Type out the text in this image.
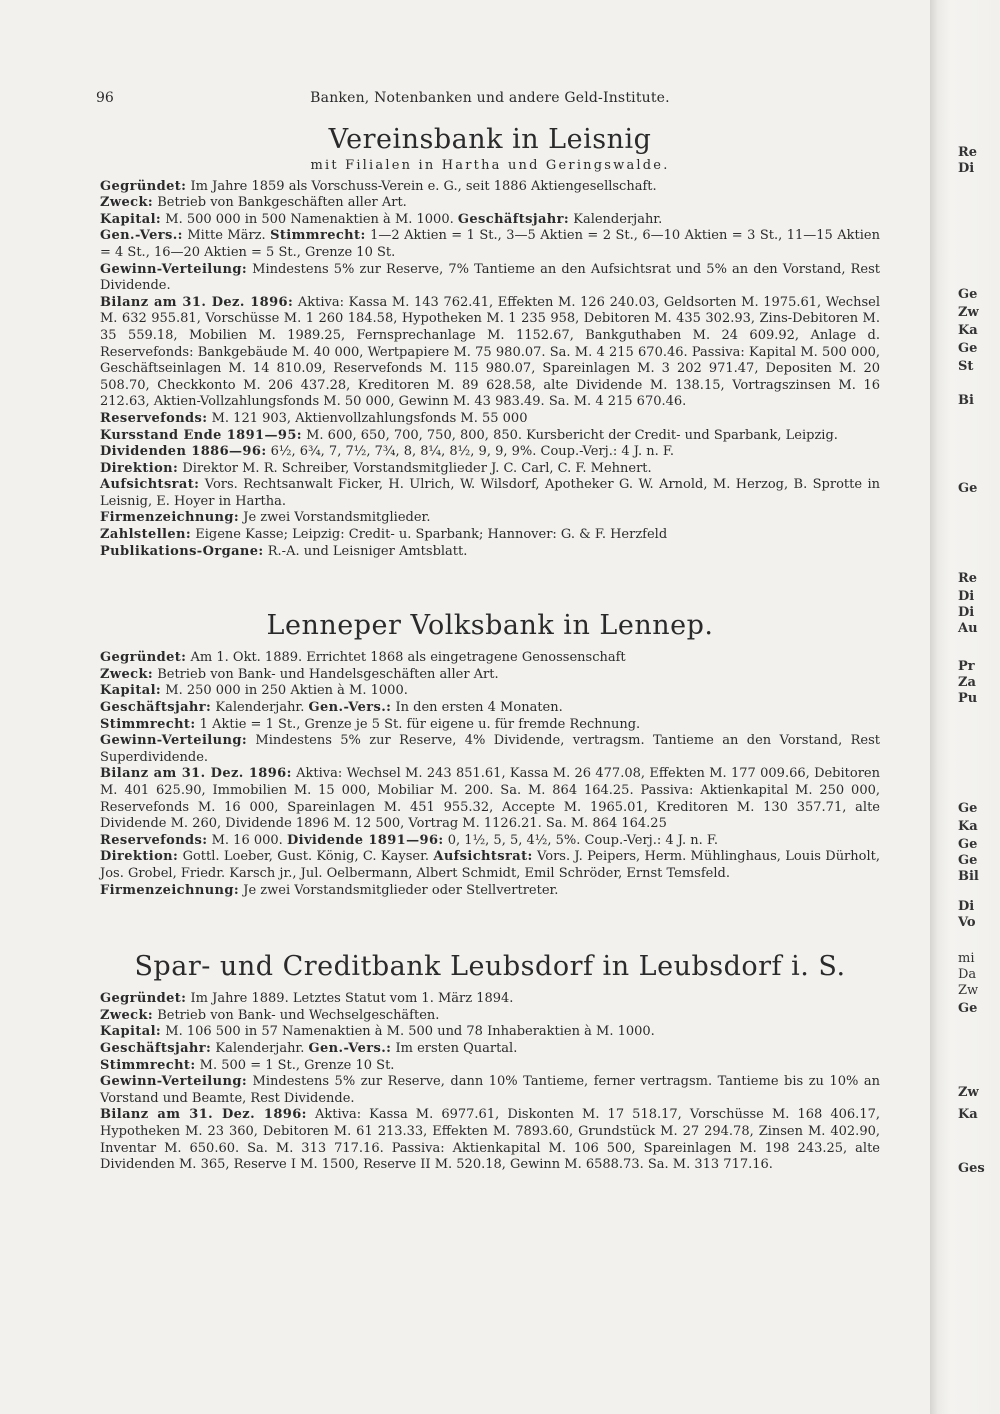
Re
Di
Ge
Zw
Ka
Ge
St
Bi
Ge
Re
Di
Di
Au
Pr
Za
Pu
Ge
Ka
Ge
Ge
Bil
Di
Vo
mi
Da
Zw
Ge
Zw
Ka
Ges
96	Banken, Notenbanken und andere Geld-Institute.
Vereinsbank in Leisnig
mit Filialen in Hartha und Geringswalde.

Gegründet: Im Jahre 1859 als Vorschuss-Verein e. G., seit 1886 Aktiengesellschaft.

Zweck: Betrieb von Bankgeschäften aller Art.

Kapital: M. 500 000 in 500 Namenaktien à M. 1000. Geschäftsjahr: Kalenderjahr.

Gen.-Vers.: Mitte März. Stimmrecht: 1—2 Aktien = 1 St., 3—5 Aktien = 2 St., 6—10 Aktien = 3 St., 11—15 Aktien = 4 St., 16—20 Aktien = 5 St., Grenze 10 St.

Gewinn-Verteilung: Mindestens 5% zur Reserve, 7% Tantieme an den Aufsichtsrat und 5% an den Vorstand, Rest Dividende.

Bilanz am 31. Dez. 1896: Aktiva: Kassa M. 143 762.41, Effekten M. 126 240.03, Geldsorten M. 1975.61, Wechsel M. 632 955.81, Vorschüsse M. 1 260 184.58, Hypotheken M. 1 235 958, Debitoren M. 435 302.93, Zins-Debitoren M. 35 559.18, Mobilien M. 1989.25, Fernsprechanlage M. 1152.67, Bankguthaben M. 24 609.92, Anlage d. Reservefonds: Bankgebäude M. 40 000, Wertpapiere M. 75 980.07. Sa. M. 4 215 670.46. Passiva: Kapital M. 500 000, Geschäftseinlagen M. 14 810.09, Reservefonds M. 115 980.07, Spareinlagen M. 3 202 971.47, Depositen M. 20 508.70, Checkkonto M. 206 437.28, Kreditoren M. 89 628.58, alte Dividende M. 138.15, Vortragszinsen M. 16 212.63, Aktien-Vollzahlungsfonds M. 50 000, Gewinn M. 43 983.49. Sa. M. 4 215 670.46.

Reservefonds: M. 121 903, Aktienvollzahlungsfonds M. 55 000

Kursstand Ende 1891—95: M. 600, 650, 700, 750, 800, 850. Kursbericht der Credit- und Sparbank, Leipzig.

Dividenden 1886—96: 6½, 6¾, 7, 7½, 7¾, 8, 8¼, 8½, 9, 9, 9%. Coup.-Verj.: 4 J. n. F.

Direktion: Direktor M. R. Schreiber, Vorstandsmitglieder J. C. Carl, C. F. Mehnert.

Aufsichtsrat: Vors. Rechtsanwalt Ficker, H. Ulrich, W. Wilsdorf, Apotheker G. W. Arnold, M. Herzog, B. Sprotte in Leisnig, E. Hoyer in Hartha.

Firmenzeichnung: Je zwei Vorstandsmitglieder.

Zahlstellen: Eigene Kasse; Leipzig: Credit- u. Sparbank; Hannover: G. & F. Herzfeld

Publikations-Organe: R.-A. und Leisniger Amtsblatt.

Lenneper Volksbank in Lennep.

Gegründet: Am 1. Okt. 1889. Errichtet 1868 als eingetragene Genossenschaft

Zweck: Betrieb von Bank- und Handelsgeschäften aller Art.

Kapital: M. 250 000 in 250 Aktien à M. 1000.

Geschäftsjahr: Kalenderjahr. Gen.-Vers.: In den ersten 4 Monaten.

Stimmrecht: 1 Aktie = 1 St., Grenze je 5 St. für eigene u. für fremde Rechnung.

Gewinn-Verteilung: Mindestens 5% zur Reserve, 4% Dividende, vertragsm. Tantieme an den Vorstand, Rest Superdividende.

Bilanz am 31. Dez. 1896: Aktiva: Wechsel M. 243 851.61, Kassa M. 26 477.08, Effekten M. 177 009.66, Debitoren M. 401 625.90, Immobilien M. 15 000, Mobiliar M. 200. Sa. M. 864 164.25. Passiva: Aktienkapital M. 250 000, Reservefonds M. 16 000, Spareinlagen M. 451 955.32, Accepte M. 1965.01, Kreditoren M. 130 357.71, alte Dividende M. 260, Dividende 1896 M. 12 500, Vortrag M. 1126.21. Sa. M. 864 164.25

Reservefonds: M. 16 000. Dividende 1891—96: 0, 1½, 5, 5, 4½, 5%. Coup.-Verj.: 4 J. n. F.

Direktion: Gottl. Loeber, Gust. König, C. Kayser. Aufsichtsrat: Vors. J. Peipers, Herm. Mühlinghaus, Louis Dürholt, Jos. Grobel, Friedr. Karsch jr., Jul. Oelbermann, Albert Schmidt, Emil Schröder, Ernst Temsfeld.

Firmenzeichnung: Je zwei Vorstandsmitglieder oder Stellvertreter.

Spar- und Creditbank Leubsdorf in Leubsdorf i. S.

Gegründet: Im Jahre 1889. Letztes Statut vom 1. März 1894.

Zweck: Betrieb von Bank- und Wechselgeschäften.

Kapital: M. 106 500 in 57 Namenaktien à M. 500 und 78 Inhaberaktien à M. 1000.

Geschäftsjahr: Kalenderjahr. Gen.-Vers.: Im ersten Quartal.

Stimmrecht: M. 500 = 1 St., Grenze 10 St.

Gewinn-Verteilung: Mindestens 5% zur Reserve, dann 10% Tantieme, ferner vertragsm. Tantieme bis zu 10% an Vorstand und Beamte, Rest Dividende.

Bilanz am 31. Dez. 1896: Aktiva: Kassa M. 6977.61, Diskonten M. 17 518.17, Vorschüsse M. 168 406.17, Hypotheken M. 23 360, Debitoren M. 61 213.33, Effekten M. 7893.60, Grundstück M. 27 294.78, Zinsen M. 402.90, Inventar M. 650.60. Sa. M. 313 717.16. Passiva: Aktienkapital M. 106 500, Spareinlagen M. 198 243.25, alte Dividenden M. 365, Reserve I M. 1500, Reserve II M. 520.18, Gewinn M. 6588.73. Sa. M. 313 717.16.
